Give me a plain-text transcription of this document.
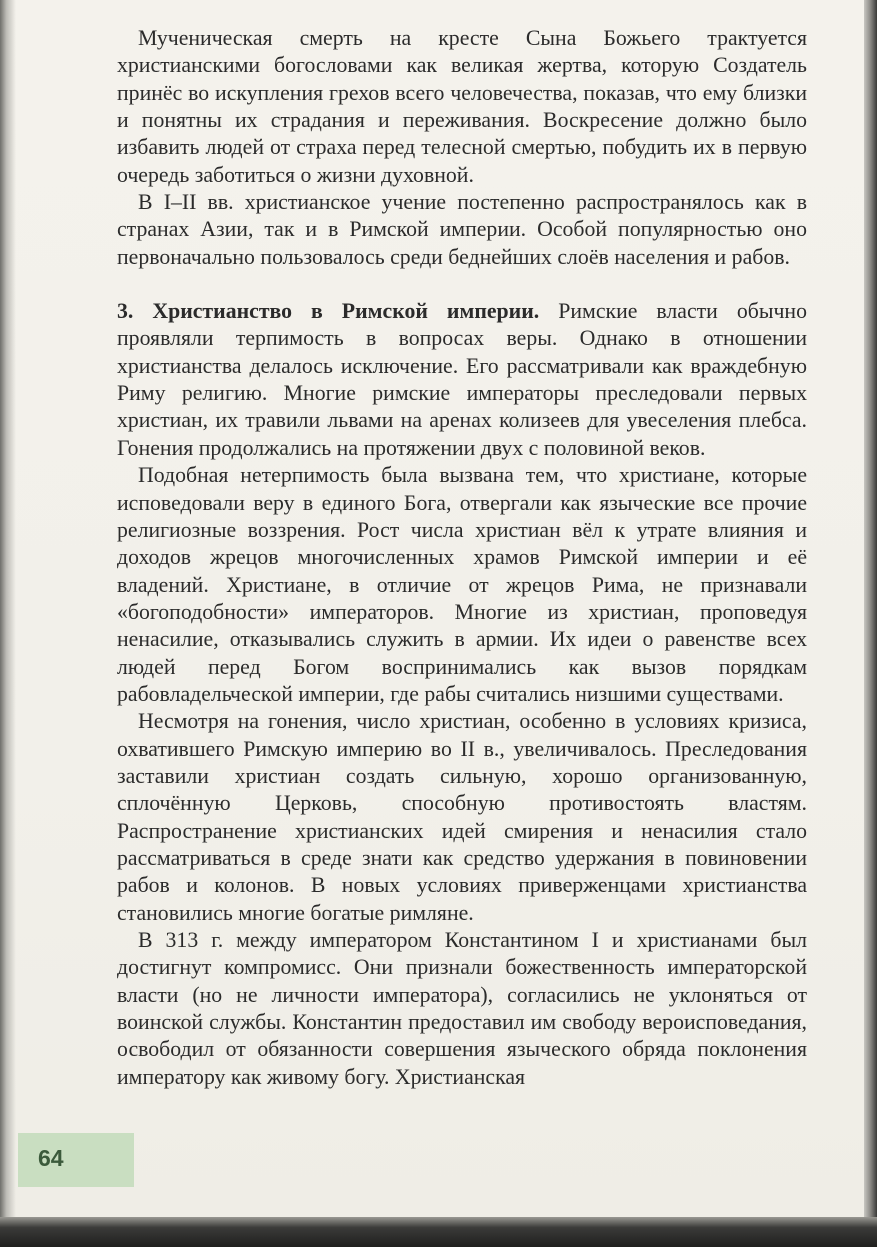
Мученическая смерть на кресте Сына Божьего трактуется христианскими богословами как великая жертва, которую Создатель принёс во искупления грехов всего человечества, показав, что ему близки и понятны их страдания и переживания. Воскресение должно было избавить людей от страха перед телесной смертью, побудить их в первую очередь заботиться о жизни духовной.

В I–II вв. христианское учение постепенно распространялось как в странах Азии, так и в Римской империи. Особой популярностью оно первоначально пользовалось среди беднейших слоёв населения и рабов.

3. Христианство в Римской империи. Римские власти обычно проявляли терпимость в вопросах веры. Однако в отношении христианства делалось исключение. Его рассматривали как враждебную Риму религию. Многие римские императоры преследовали первых христиан, их травили львами на аренах колизеев для увеселения плебса. Гонения продолжались на протяжении двух с половиной веков.

Подобная нетерпимость была вызвана тем, что христиане, которые исповедовали веру в единого Бога, отвергали как языческие все прочие религиозные воззрения. Рост числа христиан вёл к утрате влияния и доходов жрецов многочисленных храмов Римской империи и её владений. Христиане, в отличие от жрецов Рима, не признавали «богоподобности» императоров. Многие из христиан, проповедуя ненасилие, отказывались служить в армии. Их идеи о равенстве всех людей перед Богом воспринимались как вызов порядкам рабовладельческой империи, где рабы считались низшими существами.

Несмотря на гонения, число христиан, особенно в условиях кризиса, охватившего Римскую империю во II в., увеличивалось. Преследования заставили христиан создать сильную, хорошо организованную, сплочённую Церковь, способную противостоять властям. Распространение христианских идей смирения и ненасилия стало рассматриваться в среде знати как средство удержания в повиновении рабов и колонов. В новых условиях приверженцами христианства становились многие богатые римляне.

В 313 г. между императором Константином I и христианами был достигнут компромисс. Они признали божественность императорской власти (но не личности императора), согласились не уклоняться от воинской службы. Константин предоставил им свободу вероисповедания, освободил от обязанности совершения языческого обряда поклонения императору как живому богу. Христианская

64
